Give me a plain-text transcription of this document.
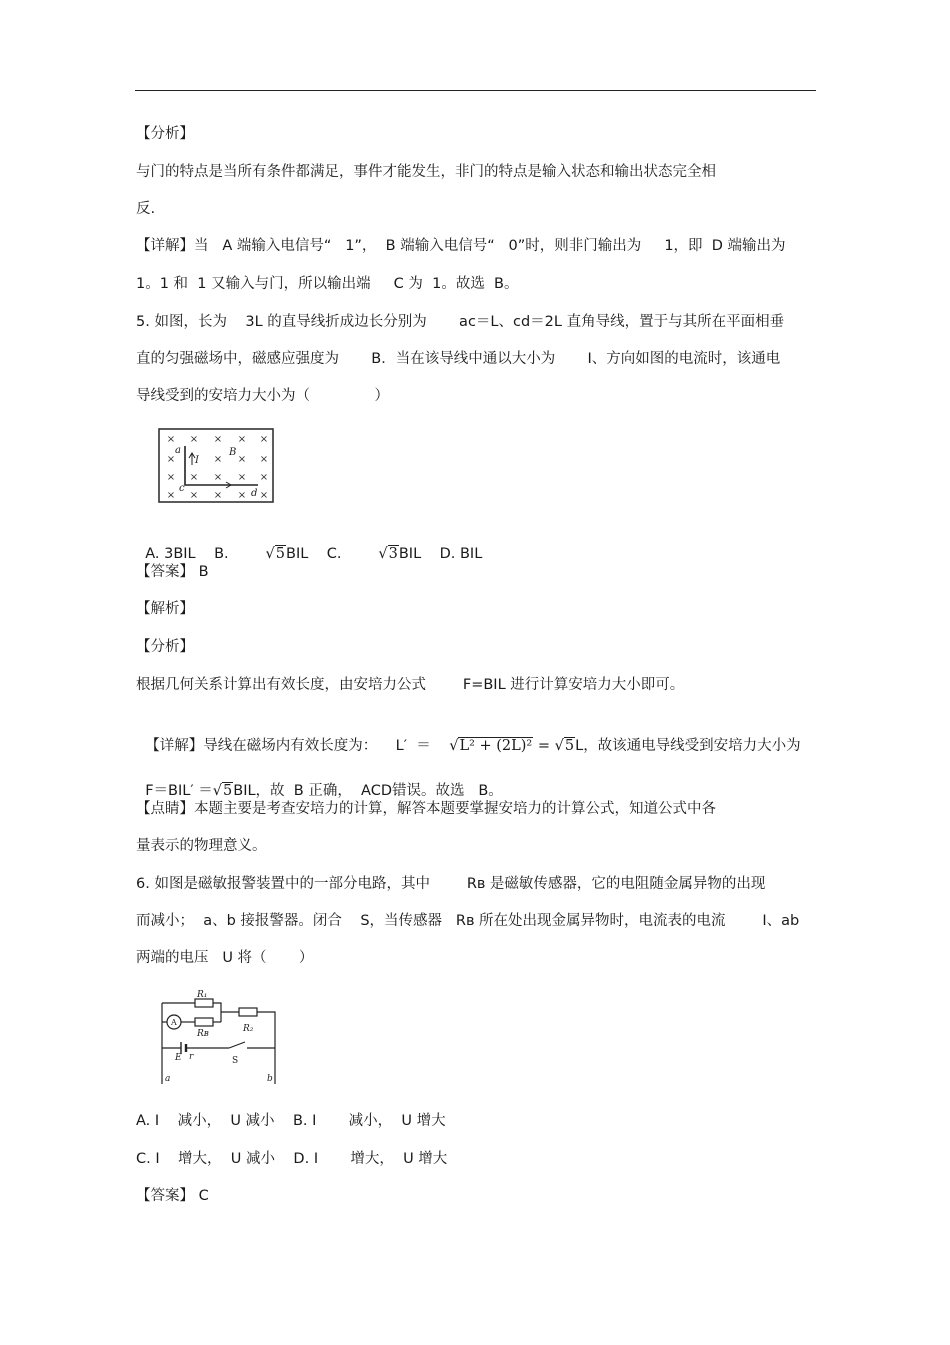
【分析】
与门的特点是当所有条件都满足，事件才能发生，非门的特点是输入状态和输出状态完全相
反.
【详解】当   A 端输入电信号“   1”，  B 端输入电信号“   0”时，则非门输出为     1，即  D 端输出为
1。1 和  1 又输入与门，所以输出端     C 为  1。故选  B。
5. 如图，长为    3L 的直导线折成边长分别为       ac＝L、cd＝2L 直角导线，置于与其所在平面相垂
直的匀强磁场中，磁感应强度为       B．当在该导线中通以大小为       I、方向如图的电流时，该通电
导线受到的安培力大小为（              ）
× × × × ×
×	× × ×
× × × × ×
× × × × ×
a
I
B
c	d

A. 3BIL B.	√5BIL C.	√3BIL D. BIL

【答案】 B
【解析】
【分析】
根据几何关系计算出有效长度，由安培力公式        F=BIL 进行计算安培力大小即可。

【详解】导线在磁场内有效长度为：    L′  ＝ √L² + (2L)² = √5L，故该通电导线受到安培力大小为

F＝BIL′ ＝√5BIL，故  B 正确，  ACD错误。故选   B。

【点睛】本题主要是考查安培力的计算，解答本题要掌握安培力的计算公式，知道公式中各
量表示的物理意义。
6. 如图是磁敏报警装置中的一部分电路，其中        Rʙ 是磁敏传感器，它的电阻随金属异物的出现
而减小；  a、b 接报警器。闭合    S，当传感器   Rʙ 所在处出现金属异物时，电流表的电流        I、ab
两端的电压   U 将（       ）
A
R₁
Rʙ	R₂
E r	S
a	b
A. I    减小，  U 减小    B. I       减小，  U 增大
C. I    增大，  U 减小    D. I       增大，  U 增大
【答案】 C
